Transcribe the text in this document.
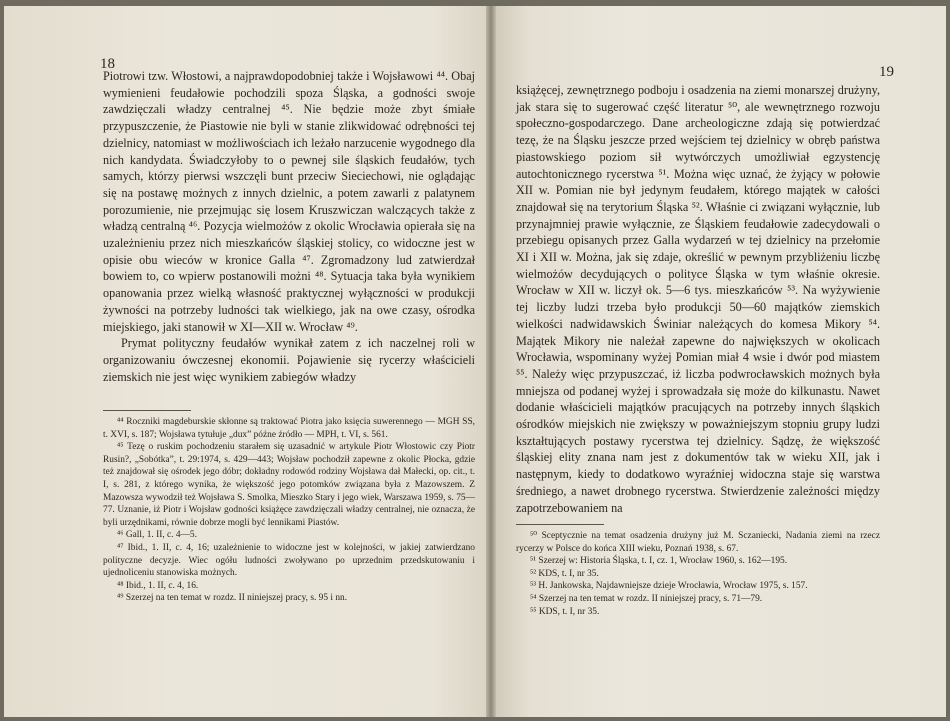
18

Piotrowi tzw. Włostowi, a najprawdopodobniej także i Wojsławowi ⁴⁴. Obaj wymienieni feudałowie pochodzili spoza Śląska, a godności swoje zawdzięczali władzy centralnej ⁴⁵. Nie będzie może zbyt śmiałe przypuszczenie, że Piastowie nie byli w stanie zlikwidować odrębności tej dzielnicy, natomiast w możliwościach ich leżało narzucenie wygodnego dla nich kandydata. Świadczyłoby to o pewnej sile śląskich feudałów, tych samych, którzy pierwsi wszczęli bunt przeciw Sieciechowi, nie oglądając się na postawę możnych z innych dzielnic, a potem zawarli z palatynem porozumienie, nie przejmując się losem Kruszwiczan walczących także z władzą centralną ⁴⁶. Pozycja wielmożów z okolic Wrocławia opierała się na uzależnieniu przez nich mieszkańców śląskiej stolicy, co widoczne jest w opisie obu wieców w kronice Galla ⁴⁷. Zgromadzony lud zatwierdzał bowiem to, co wpierw postanowili możni ⁴⁸. Sytuacja taka była wynikiem opanowania przez wielką własność praktycznej wyłączności w produkcji żywności na potrzeby ludności tak wielkiego, jak na owe czasy, ośrodka miejskiego, jaki stanowił w XI—XII w. Wrocław ⁴⁹.

Prymat polityczny feudałów wynikał zatem z ich naczelnej roli w organizowaniu ówczesnej ekonomii. Pojawienie się rycerzy właścicieli ziemskich nie jest więc wynikiem zabiegów władzy

⁴⁴ Roczniki magdeburskie skłonne są traktować Piotra jako księcia suwerennego — MGH SS, t. XVI, s. 187; Wojsława tytułuje „dux” późne źródło — MPH, t. VI, s. 561.

⁴⁵ Tezę o ruskim pochodzeniu starałem się uzasadnić w artykule Piotr Włostowic czy Piotr Rusin?, „Sobótka”, t. 29:1974, s. 429—443; Wojsław pochodził zapewne z okolic Płocka, gdzie też znajdował się ośrodek jego dóbr; dokładny rodowód rodziny Wojsława dał Małecki, op. cit., t. I, s. 281, z którego wynika, że większość jego potomków związana była z Mazowszem. Z Mazowsza wywodził też Wojsława S. Smolka, Mieszko Stary i jego wiek, Warszawa 1959, s. 75—77. Uznanie, iż Piotr i Wojsław godności książęce zawdzięczali władzy centralnej, nie oznacza, że byli urzędnikami, równie dobrze mogli być lennikami Piastów.

⁴⁶ Gall, 1. II, c. 4—5.

⁴⁷ Ibid., 1. II, c. 4, 16; uzależnienie to widoczne jest w kolejności, w jakiej zatwierdzano polityczne decyzje. Wiec ogółu ludności zwoływano po uprzednim przedskutowaniu i ujednoliceniu stanowiska możnych.

⁴⁸ Ibid., 1. II, c. 4, 16.

⁴⁹ Szerzej na ten temat w rozdz. II niniejszej pracy, s. 95 i nn.

19

książęcej, zewnętrznego podboju i osadzenia na ziemi monarszej drużyny, jak stara się to sugerować część literatur ⁵⁰, ale wewnętrznego rozwoju społeczno-gospodarczego. Dane archeologiczne zdają się potwierdzać tezę, że na Śląsku jeszcze przed wejściem tej dzielnicy w obręb państwa piastowskiego poziom sił wytwórczych umożliwiał egzystencję autochtonicznego rycerstwa ⁵¹. Można więc uznać, że żyjący w połowie XII w. Pomian nie był jedynym feudałem, którego majątek w całości znajdował się na terytorium Śląska ⁵². Właśnie ci związani wyłącznie, lub przynajmniej prawie wyłącznie, ze Śląskiem feudałowie zadecydowali o przebiegu opisanych przez Galla wydarzeń w tej dzielnicy na przełomie XI i XII w. Można, jak się zdaje, określić w pewnym przybliżeniu liczbę wielmożów decydujących o polityce Śląska w tym właśnie okresie. Wrocław w XII w. liczył ok. 5—6 tys. mieszkańców ⁵³. Na wyżywienie tej liczby ludzi trzeba było produkcji 50—60 majątków ziemskich wielkości nadwidawskich Świniar należących do komesa Mikory ⁵⁴. Majątek Mikory nie należał zapewne do największych w okolicach Wrocławia, wspominany wyżej Pomian miał 4 wsie i dwór pod miastem ⁵⁵. Należy więc przypuszczać, iż liczba podwrocławskich możnych była mniejsza od podanej wyżej i sprowadzała się może do kilkunastu. Nawet dodanie właścicieli majątków pracujących na potrzeby innych śląskich ośrodków miejskich nie zwiększy w poważniejszym stopniu grupy ludzi kształtujących postawy rycerstwa tej dzielnicy. Sądzę, że większość śląskiej elity znana nam jest z dokumentów tak w wieku XII, jak i następnym, kiedy to dodatkowo wyraźniej widoczna staje się warstwa średniego, a nawet drobnego rycerstwa. Stwierdzenie zależności między zapotrzebowaniem na

⁵⁰ Sceptycznie na temat osadzenia drużyny już M. Sczaniecki, Nadania ziemi na rzecz rycerzy w Polsce do końca XIII wieku, Poznań 1938, s. 67.

⁵¹ Szerzej w: Historia Śląska, t. I, cz. 1, Wrocław 1960, s. 162—195.

⁵² KDS, t. I, nr 35.

⁵³ H. Jankowska, Najdawniejsze dzieje Wrocławia, Wrocław 1975, s. 157.

⁵⁴ Szerzej na ten temat w rozdz. II niniejszej pracy, s. 71—79.

⁵⁵ KDS, t. I, nr 35.
